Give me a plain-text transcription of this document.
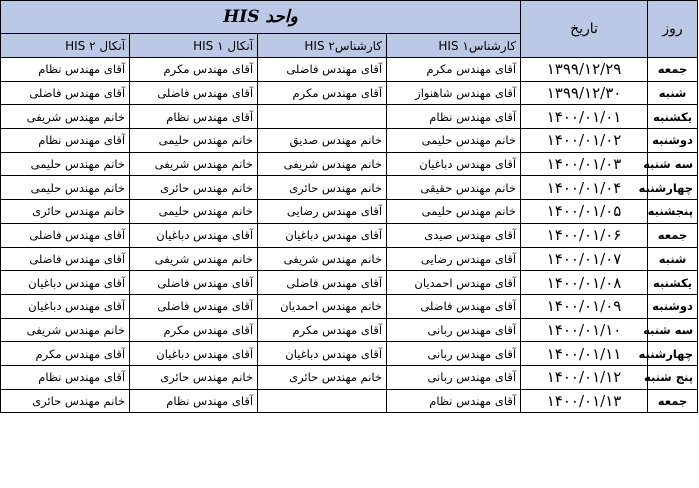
روز	تاریخ	واحد HIS			
		کارشناس۱ HIS	کارشناس۲ HIS	آنکال ۱ HIS	آنکال ۲ HIS
جمعه	۱۳۹۹/۱۲/۲۹	آقای مهندس مکرم	آقای مهندس فاضلی	آقای مهندس مکرم	آقای مهندس نظام
شنبه	۱۳۹۹/۱۲/۳۰	آقای مهندس شاهنواز	آقای مهندس مکرم	آقای مهندس فاضلی	آقای مهندس فاضلی
یکشنبه	۱۴۰۰/۰۱/۰۱	آقای مهندس نظام		آقای مهندس نظام	خانم مهندس شریفی
دوشنبه	۱۴۰۰/۰۱/۰۲	خانم مهندس حلیمی	خانم مهندس صدیق	خانم مهندس حلیمی	آقای مهندس نظام
سه شنبه	۱۴۰۰/۰۱/۰۳	آقای مهندس دباغیان	خانم مهندس شریفی	خانم مهندس شریفی	خانم مهندس حلیمی
چهارشنبه	۱۴۰۰/۰۱/۰۴	خانم مهندس حقیقی	خانم مهندس حائری	خانم مهندس حائری	خانم مهندس حلیمی
پنجشنبه	۱۴۰۰/۰۱/۰۵	خانم مهندس حلیمی	آقای مهندس رضایی	خانم مهندس حلیمی	خانم مهندس حائری
جمعه	۱۴۰۰/۰۱/۰۶	آقای مهندس صیدی	آقای مهندس دباغیان	آقای مهندس دباغیان	آقای مهندس فاضلی
شنبه	۱۴۰۰/۰۱/۰۷	آقای مهندس رضایی	خانم مهندس شریفی	خانم مهندس شریفی	آقای مهندس فاضلی
یکشنبه	۱۴۰۰/۰۱/۰۸	آقای مهندس احمدیان	آقای مهندس فاضلی	آقای مهندس فاضلی	آقای مهندس دباغیان
دوشنبه	۱۴۰۰/۰۱/۰۹	آقای مهندس فاضلی	خانم مهندس احمدیان	آقای مهندس فاضلی	آقای مهندس دباغیان
سه شنبه	۱۴۰۰/۰۱/۱۰	آقای مهندس ربانی	آقای مهندس مکرم	آقای مهندس مکرم	خانم مهندس شریفی
چهارشنبه	۱۴۰۰/۰۱/۱۱	آقای مهندس ربانی	آقای مهندس دباغیان	آقای مهندس دباغیان	آقای مهندس مکرم
پنج شنبه	۱۴۰۰/۰۱/۱۲	آقای مهندس ربانی	خانم مهندس حائری	خانم مهندس حائری	آقای مهندس نظام
جمعه	۱۴۰۰/۰۱/۱۳	آقای مهندس نظام		آقای مهندس نظام	خانم مهندس حائری
